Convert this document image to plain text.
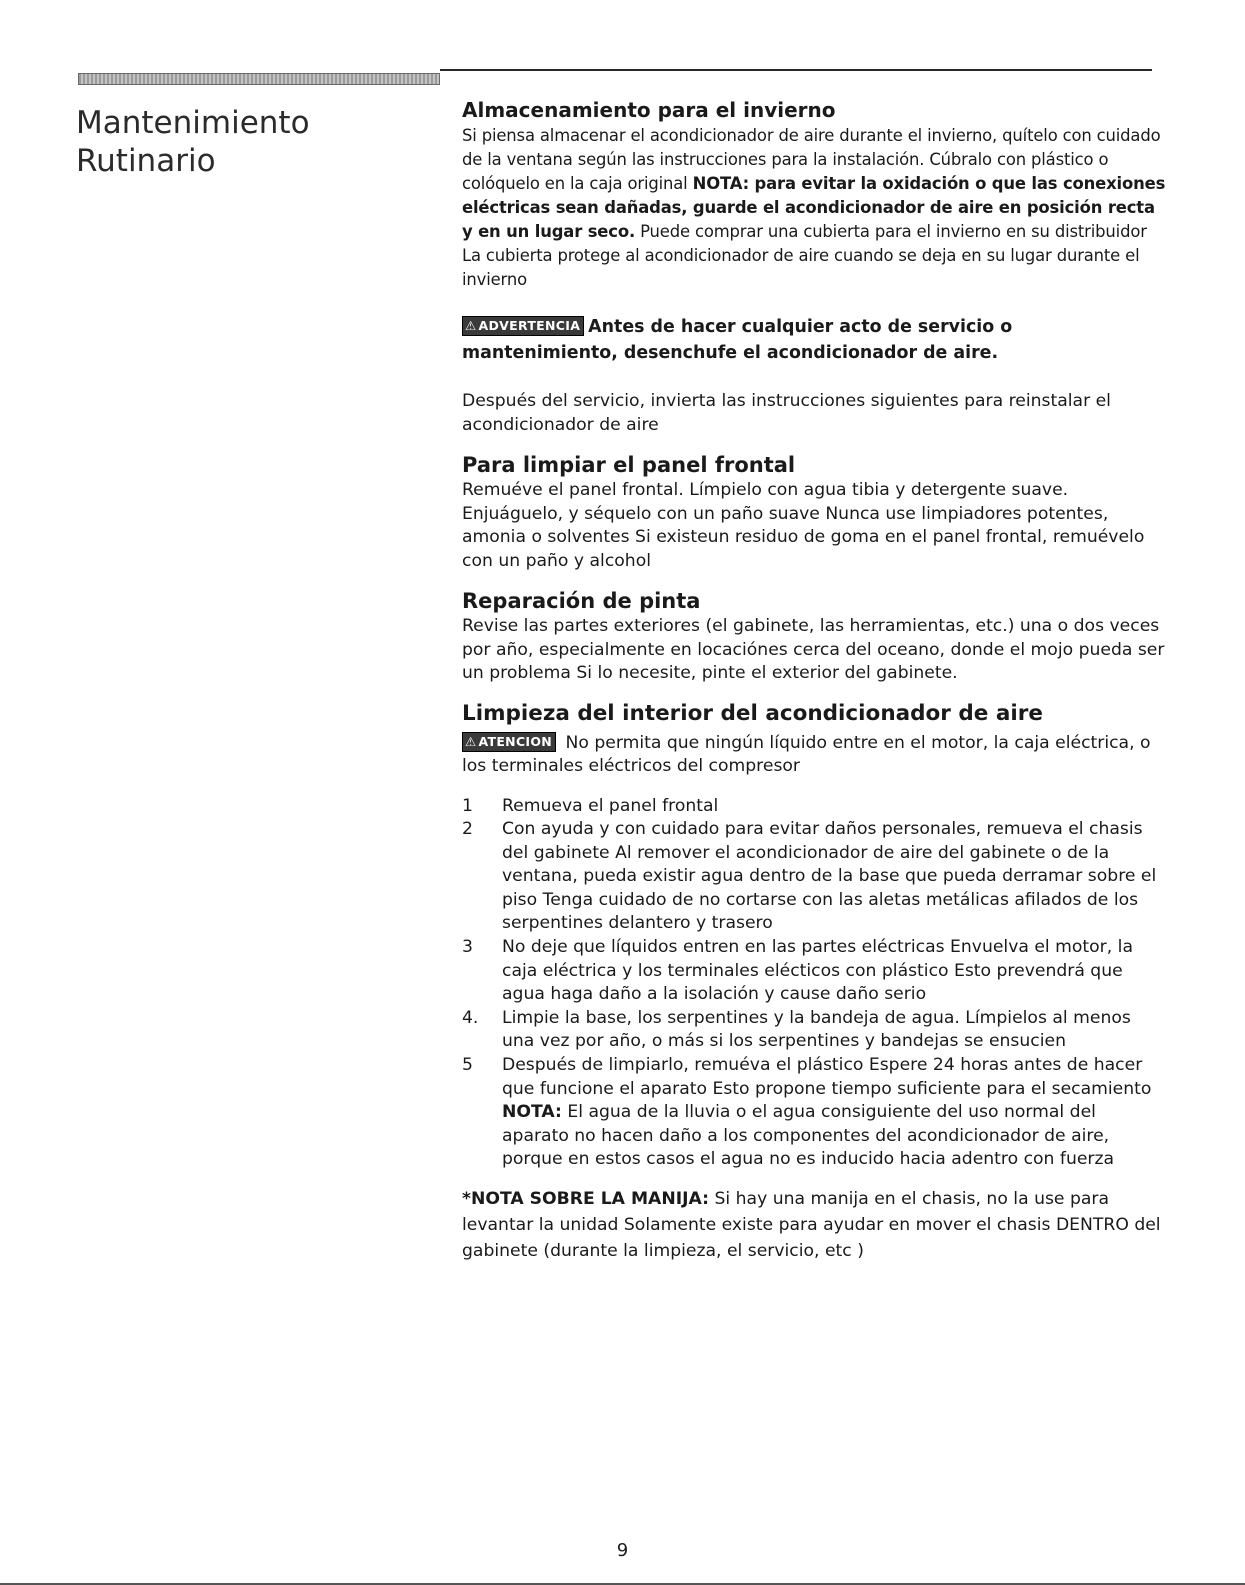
Mantenimiento
Rutinario
Almacenamiento para el invierno

Si piensa almacenar el acondicionador de aire durante el invierno, quítelo con cuidado de la ventana según las instrucciones para la instalación. Cúbralo con plástico o colóquelo en la caja original NOTA: para evitar la oxidación o que las conexiones eléctricas sean dañadas, guarde el acondicionador de aire en posición recta y en un lugar seco. Puede comprar una cubierta para el invierno en su distribuidor La cubierta protege al acondicionador de aire cuando se deja en su lugar durante el invierno

⚠ ADVERTENCIA Antes de hacer cualquier acto de servicio o mantenimiento, desenchufe el acondicionador de aire.

Después del servicio, invierta las instrucciones siguientes para reinstalar el acondicionador de aire

Para limpiar el panel frontal

Remuéve el panel frontal. Límpielo con agua tibia y detergente suave. Enjuáguelo, y séquelo con un paño suave Nunca use limpiadores potentes, amonia o solventes Si existeun residuo de goma en el panel frontal, remuévelo con un paño y alcohol

Reparación de pinta

Revise las partes exteriores (el gabinete, las herramientas, etc.) una o dos veces por año, especialmente en locaciónes cerca del oceano, donde el mojo pueda ser un problema Si lo necesite, pinte el exterior del gabinete.

Limpieza del interior del acondicionador de aire

⚠ ATENCION No permita que ningún líquido entre en el motor, la caja eléctrica, o los terminales eléctricos del compresor

1	Remueva el panel frontal
2	Con ayuda y con cuidado para evitar daños personales, remueva el chasis del gabinete Al remover el acondicionador de aire del gabinete o de la ventana, pueda existir agua dentro de la base que pueda derramar sobre el piso Tenga cuidado de no cortarse con las aletas metálicas afilados de los serpentines delantero y trasero
3	No deje que líquidos entren en las partes eléctricas Envuelva el motor, la caja eléctrica y los terminales elécticos con plástico Esto prevendrá que agua haga daño a la isolación y cause daño serio
4.	Limpie la base, los serpentines y la bandeja de agua. Límpielos al menos una vez por año, o más si los serpentines y bandejas se ensucien
5	Después de limpiarlo, remuéva el plástico Espere 24 horas antes de hacer que funcione el aparato Esto propone tiempo suficiente para el secamiento
NOTA: El agua de la lluvia o el agua consiguiente del uso normal del aparato no hacen daño a los componentes del acondicionador de aire, porque en estos casos el agua no es inducido hacia adentro con fuerza

*NOTA SOBRE LA MANIJA: Si hay una manija en el chasis, no la use para levantar la unidad Solamente existe para ayudar en mover el chasis DENTRO del gabinete (durante la limpieza, el servicio, etc )

9
